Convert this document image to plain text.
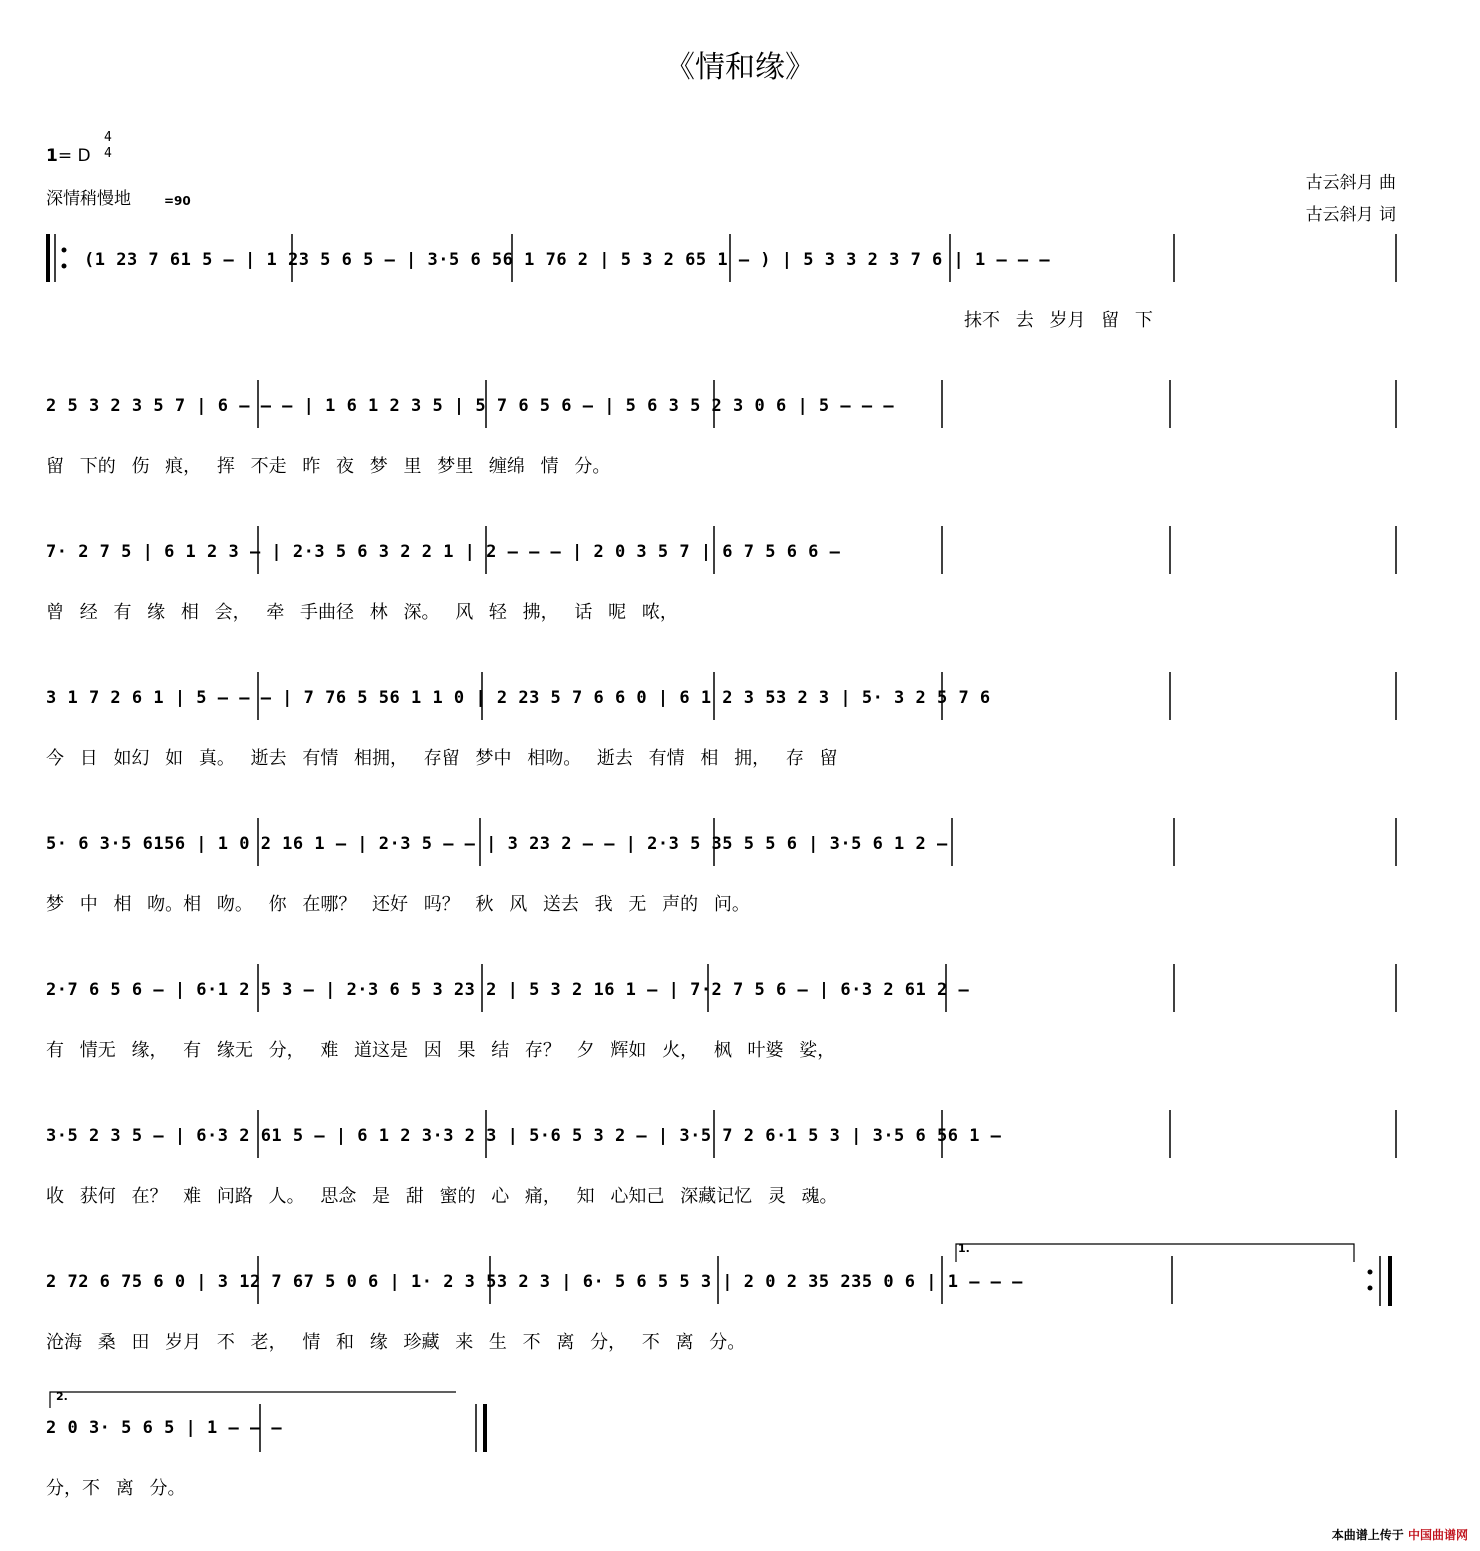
《情和缘》
1= D
4
4
深情稍慢地	=90
古云斜月 曲
古云斜月 词
(1 23 7 61 5 – | 1 23 5 6 5 – | 3·5 6 56 1 76 2 | 5 3 2 65 1 – ) | 5 3 3 2 3 7 6 | 1 – – –
抹不 去 岁月 留 下
2 5 3 2 3 5 7 | 6 – – – | 1 6 1 2 3 5 | 5 7 6 5 6 – | 5 6 3 5 2 3 0 6 | 5 – – –
留 下的 伤 痕， 挥 不走 昨 夜 梦 里 梦里 缠绵 情 分。
7· 2 7 5 | 6 1 2 3 – | 2·3 5 6 3 2 2 1 | 2 – – – | 2 0 3 5 7 | 6 7 5 6 6 –
曾 经 有 缘 相 会， 牵 手曲径 林 深。 风 轻 拂， 话 呢 哝，
3 1 7 2 6 1 | 5 – – – | 7 76 5 56 1 1 0 | 2 23 5 7 6 6 0 | 6 1 2 3 53 2 3 | 5· 3 2 5 7 6
今 日 如幻 如 真。 逝去 有情 相拥， 存留 梦中 相吻。 逝去 有情 相 拥， 存 留
5· 6 3·5 6156 | 1 0 2 16 1 – | 2·3 5 – – | 3 23 2 – – | 2·3 5 35 5 5 6 | 3·5 6 1 2 –
梦 中 相 吻。相 吻。 你 在哪？ 还好 吗？ 秋 风 送去 我 无 声的 问。
2·7 6 5 6 – | 6·1 2 5 3 – | 2·3 6 5 3 23 2 | 5 3 2 16 1 – | 7·2 7 5 6 – | 6·3 2 61 2 –
有 情无 缘， 有 缘无 分， 难 道这是 因 果 结 存？ 夕 辉如 火， 枫 叶婆 娑，
3·5 2 3 5 – | 6·3 2 61 5 – | 6 1 2 3·3 2 3 | 5·6 5 3 2 – | 3·5 7 2 6·1 5 3 | 3·5 6 56 1 –
收 获何 在？ 难 问路 人。 思念 是 甜 蜜的 心 痛， 知 心知己 深藏记忆 灵 魂。
2 72 6 75 6 0 | 3 12 7 67 5 0 6 | 1· 2 3 53 2 3 | 6· 5 6 5 5 3 | 2 0 2 35 235 0 6 | 1 – – –
沧海 桑 田 岁月 不 老， 情 和 缘 珍藏 来 生 不 离 分， 不 离 分。
2 0 3· 5 6 5 | 1 – – –
分，不 离 分。
1.
2.
本曲谱上传于 中国曲谱网
